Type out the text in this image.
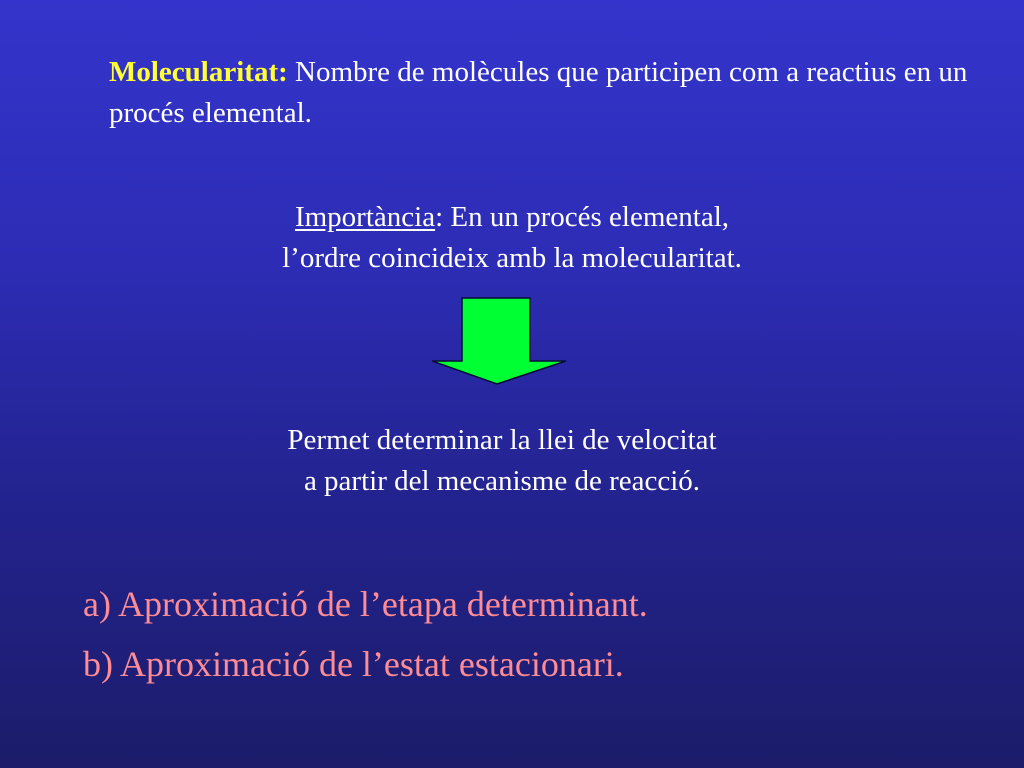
Molecularitat: Nombre de molècules que participen com a reactius en un procés elemental.
Importància: En un procés elemental,
l’ordre coincideix amb la molecularitat.
Permet determinar la llei de velocitat
a partir del mecanisme de reacció.
a) Aproximació de l’etapa determinant.
b) Aproximació de l’estat estacionari.
